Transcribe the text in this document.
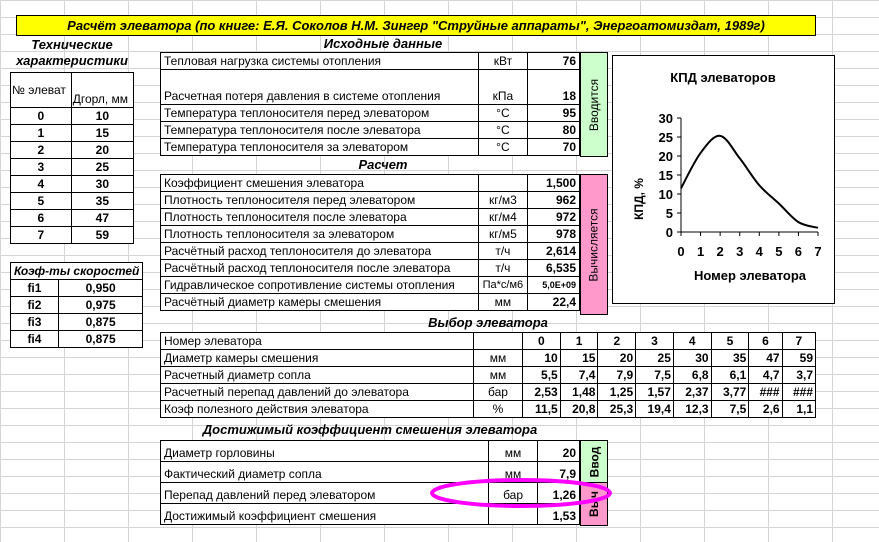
Расчёт элеватора (по книге: Е.Я. Соколов Н.М. Зингер "Струйные аппараты", Энергоатомиздат, 1989г)
Технические характеристики
№ элеват	Дгорл, мм
0	10
1	15
2	20
3	25
4	30
5	35
6	47
7	59
Коэф-ты скоростей	
fi1	0,950
fi2	0,975
fi3	0,875
fi4	0,875
Исходные данные
Тепловая нагрузка системы отопления	кВт	76
Расчетная потеря давления в системе отопления	кПа	18
Температура теплоносителя перед элеватором	°C	95
Температура теплоносителя после элеватора	°C	80
Температура теплоносителя за элеватором	°C	70
Вводится
Расчет
Коэффициент смешения элеватора		1,500
Плотность теплоносителя перед элеватором	кг/м3	962
Плотность теплоносителя после элеватора	кг/м4	972
Плотность теплоносителя за элеватором	кг/м5	978
Расчётный расход теплоносителя до элеватора	т/ч	2,614
Расчётный расход теплоносителя после элеватора	т/ч	6,535
Гидравлическое сопротивление системы отопления	Па*с/м6	5,0E+09
Расчётный диаметр камеры смешения	мм	22,4
Вычисляется
КПД элеваторов
КПД, %
Номер элеватора
0
5
10
15
20
25
30
0 1 2 3 4 5 6 7
Выбор элеватора
Номер элеватора		0	1	2	3	4	5	6	7
Диаметр камеры смешения	мм	10	15	20	25	30	35	47	59
Расчетный диаметр сопла	мм	5,5	7,4	7,9	7,5	6,8	6,1	4,7	3,7
Расчетный перепад давлений до элеватора	бар	2,53	1,48	1,25	1,57	2,37	3,77	###	###
Коэф полезного действия элеватора	%	11,5	20,8	25,3	19,4	12,3	7,5	2,6	1,1
Достижимый коэффициент смешения элеватора
Диаметр горловины	мм	20
Фактический диаметр сопла	мм	7,9
Перепад давлений перед элеватором	бар	1,26
Достижимый коэффициент смешения		1,53
Ввод
Выч
